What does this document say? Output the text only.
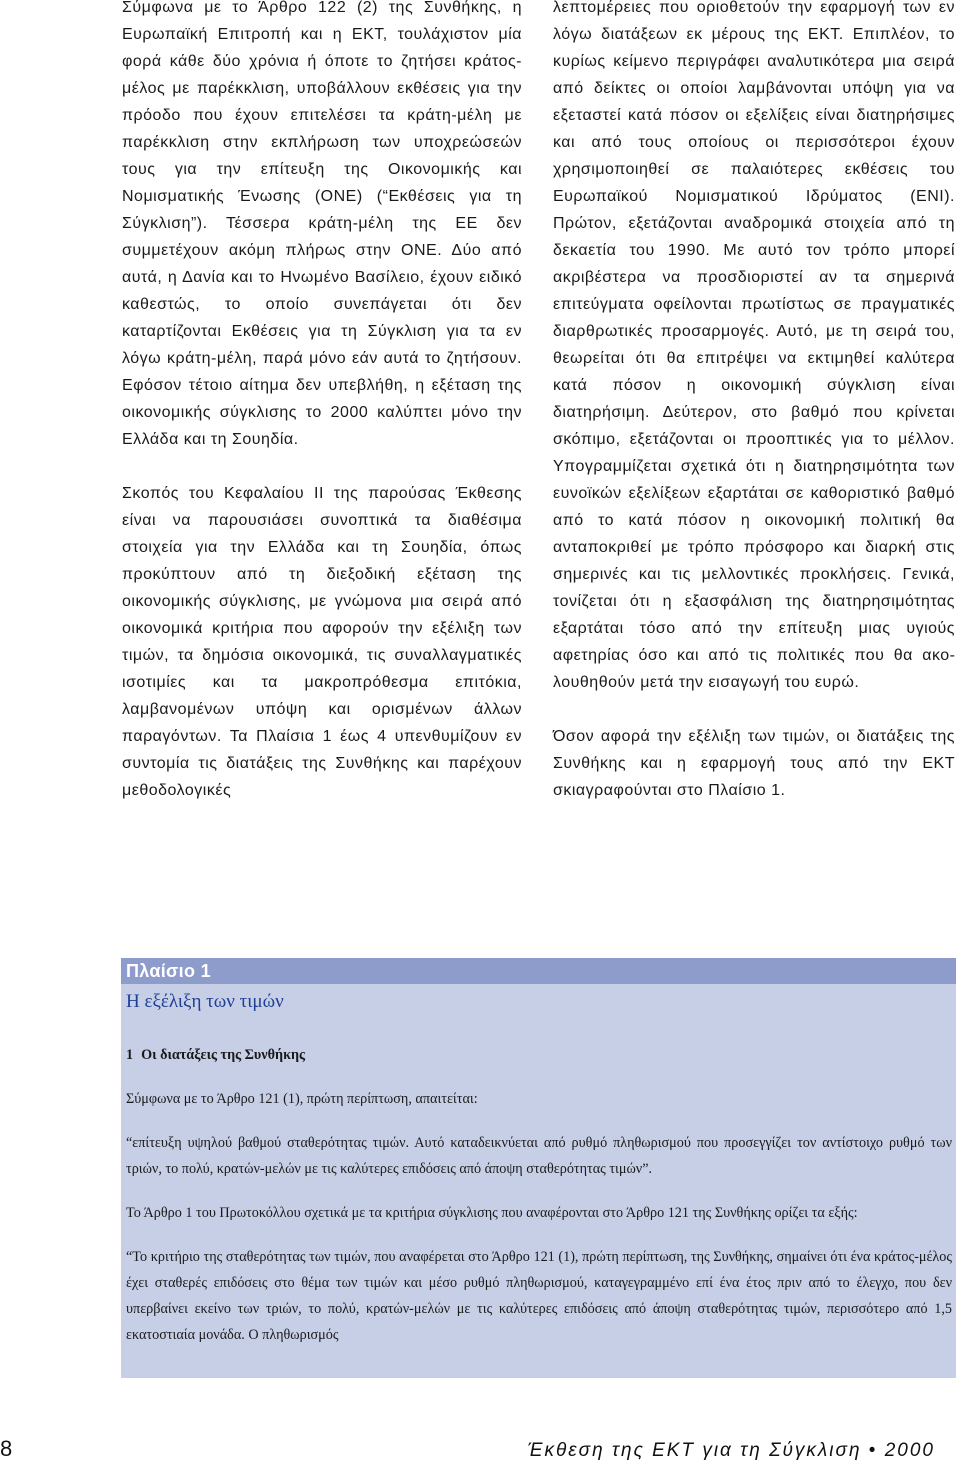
Σύμφωνα με το Άρθρο 122 (2) της Συνθήκης, η Ευρωπαϊκή Επιτροπή και η ΕΚΤ, τουλάχιστον μία φορά κάθε δύο χρόνια ή όποτε το ζητήσει κράτος-μέλος με παρέκκλιση, υποβάλλουν εκθέσεις για την πρόοδο που έχουν επιτελέσει τα κράτη-μέλη με παρέκκλιση στην εκπλήρωση των υποχρεώσεών τους για την επίτευξη της Οικονομικής και Νομισματικής Ένωσης (ΟΝΕ) (“Εκθέσεις για τη Σύγκλιση”). Τέσσερα κράτη-μέλη της ΕΕ δεν συμμετέχουν ακόμη πλήρως στην ΟΝΕ. Δύο από αυτά, η Δανία και το Ηνωμένο Βασίλειο, έχουν ειδικό καθεστώς, το οποίο συνεπάγεται ότι δεν καταρτίζονται Εκθέσεις για τη Σύγκλιση για τα εν λόγω κράτη-μέλη, παρά μόνο εάν αυτά το ζητήσουν. Εφόσον τέτοιο αίτημα δεν υπεβλήθη, η εξέταση της οικονομικής σύγκλισης το 2000 καλύπτει μόνο την Ελλάδα και τη Σουηδία.

Σκοπός του Κεφαλαίου II της παρούσας Έκθεσης είναι να παρουσιάσει συνοπτικά τα διαθέσιμα στοιχεία για την Ελλάδα και τη Σουηδία, όπως προκύπτουν από τη διεξοδική εξέταση της οικονομικής σύγκλισης, με γνώμονα μια σειρά από οικονομικά κριτήρια που αφορούν την εξέλιξη των τιμών, τα δημόσια οικονομικά, τις συναλλαγματικές ισοτιμίες και τα μακροπρόθεσμα επιτόκια, λαμβανομένων υπόψη και ορισμένων άλλων παραγόντων. Τα Πλαίσια 1 έως 4 υπενθυμίζουν εν συντομία τις διατάξεις της Συνθήκης και παρέχουν μεθοδολογικές

λεπτομέρειες που οριοθετούν την εφαρμογή των εν λόγω διατάξεων εκ μέρους της ΕΚΤ. Επιπλέον, το κυρίως κείμενο περιγράφει αναλυτικότερα μια σειρά από δείκτες οι οποίοι λαμβάνονται υπόψη για να εξεταστεί κατά πόσον οι εξελίξεις είναι διατηρήσιμες και από τους οποίους οι περισσότεροι έχουν χρησιμοποιηθεί σε παλαιότερες εκθέσεις του Ευρωπαϊκού Νομισματικού Ιδρύματος (ΕΝΙ). Πρώτον, εξετάζονται αναδρομικά στοιχεία από τη δεκαετία του 1990. Με αυτό τον τρόπο μπορεί ακριβέστερα να προσδιοριστεί αν τα σημερινά επιτεύγματα οφείλονται πρωτίστως σε πραγματικές διαρθρωτικές προσαρμογές. Αυτό, με τη σειρά του, θεωρείται ότι θα επιτρέψει να εκτιμηθεί καλύτερα κατά πόσον η οικονομική σύγκλιση είναι διατηρήσιμη. Δεύτερον, στο βαθμό που κρίνεται σκόπιμο, εξετάζονται οι προοπτικές για το μέλλον. Υπογραμμίζεται σχετικά ότι η διατηρησιμότητα των ευνοϊκών εξελίξεων εξαρτάται σε καθοριστικό βαθμό από το κατά πόσον η οικονομική πολιτική θα ανταποκριθεί με τρόπο πρόσφορο και διαρκή στις σημερινές και τις μελλοντικές προκλήσεις. Γενικά, τονίζεται ότι η εξασφάλιση της διατηρησιμότητας εξαρτάται τόσο από την επίτευξη μιας υγιούς αφετηρίας όσο και από τις πολιτικές που θα ακολουθηθούν μετά την εισαγωγή του ευρώ.

Όσον αφορά την εξέλιξη των τιμών, οι διατάξεις της Συνθήκης και η εφαρμογή τους από την ΕΚΤ σκιαγραφούνται στο Πλαίσιο 1.

Πλαίσιο 1
Η εξέλιξη των τιμών

1 Οι διατάξεις της Συνθήκης

Σύμφωνα με το Άρθρο 121 (1), πρώτη περίπτωση, απαιτείται:

“επίτευξη υψηλού βαθμού σταθερότητας τιμών. Αυτό καταδεικνύεται από ρυθμό πληθωρισμού που προσεγγίζει τον αντίστοιχο ρυθμό των τριών, το πολύ, κρατών-μελών με τις καλύτερες επιδόσεις από άποψη σταθερότητας τιμών”.

Το Άρθρο 1 του Πρωτοκόλλου σχετικά με τα κριτήρια σύγκλισης που αναφέρονται στο Άρθρο 121 της Συνθήκης ορίζει τα εξής:

“Το κριτήριο της σταθερότητας των τιμών, που αναφέρεται στο Άρθρο 121 (1), πρώτη περίπτωση, της Συνθήκης, σημαίνει ότι ένα κράτος-μέλος έχει σταθερές επιδόσεις στο θέμα των τιμών και μέσο ρυθμό πληθωρισμού, καταγεγραμμένο επί ένα έτος πριν από το έλεγχο, που δεν υπερβαίνει εκείνο των τριών, το πολύ, κρατών-μελών με τις καλύτερες επιδόσεις από άποψη σταθερότητας τιμών, περισσότερο από 1,5 εκατοστιαία μονάδα. Ο πληθωρισμός

8	Έκθεση της ΕΚΤ για τη Σύγκλιση • 2000
